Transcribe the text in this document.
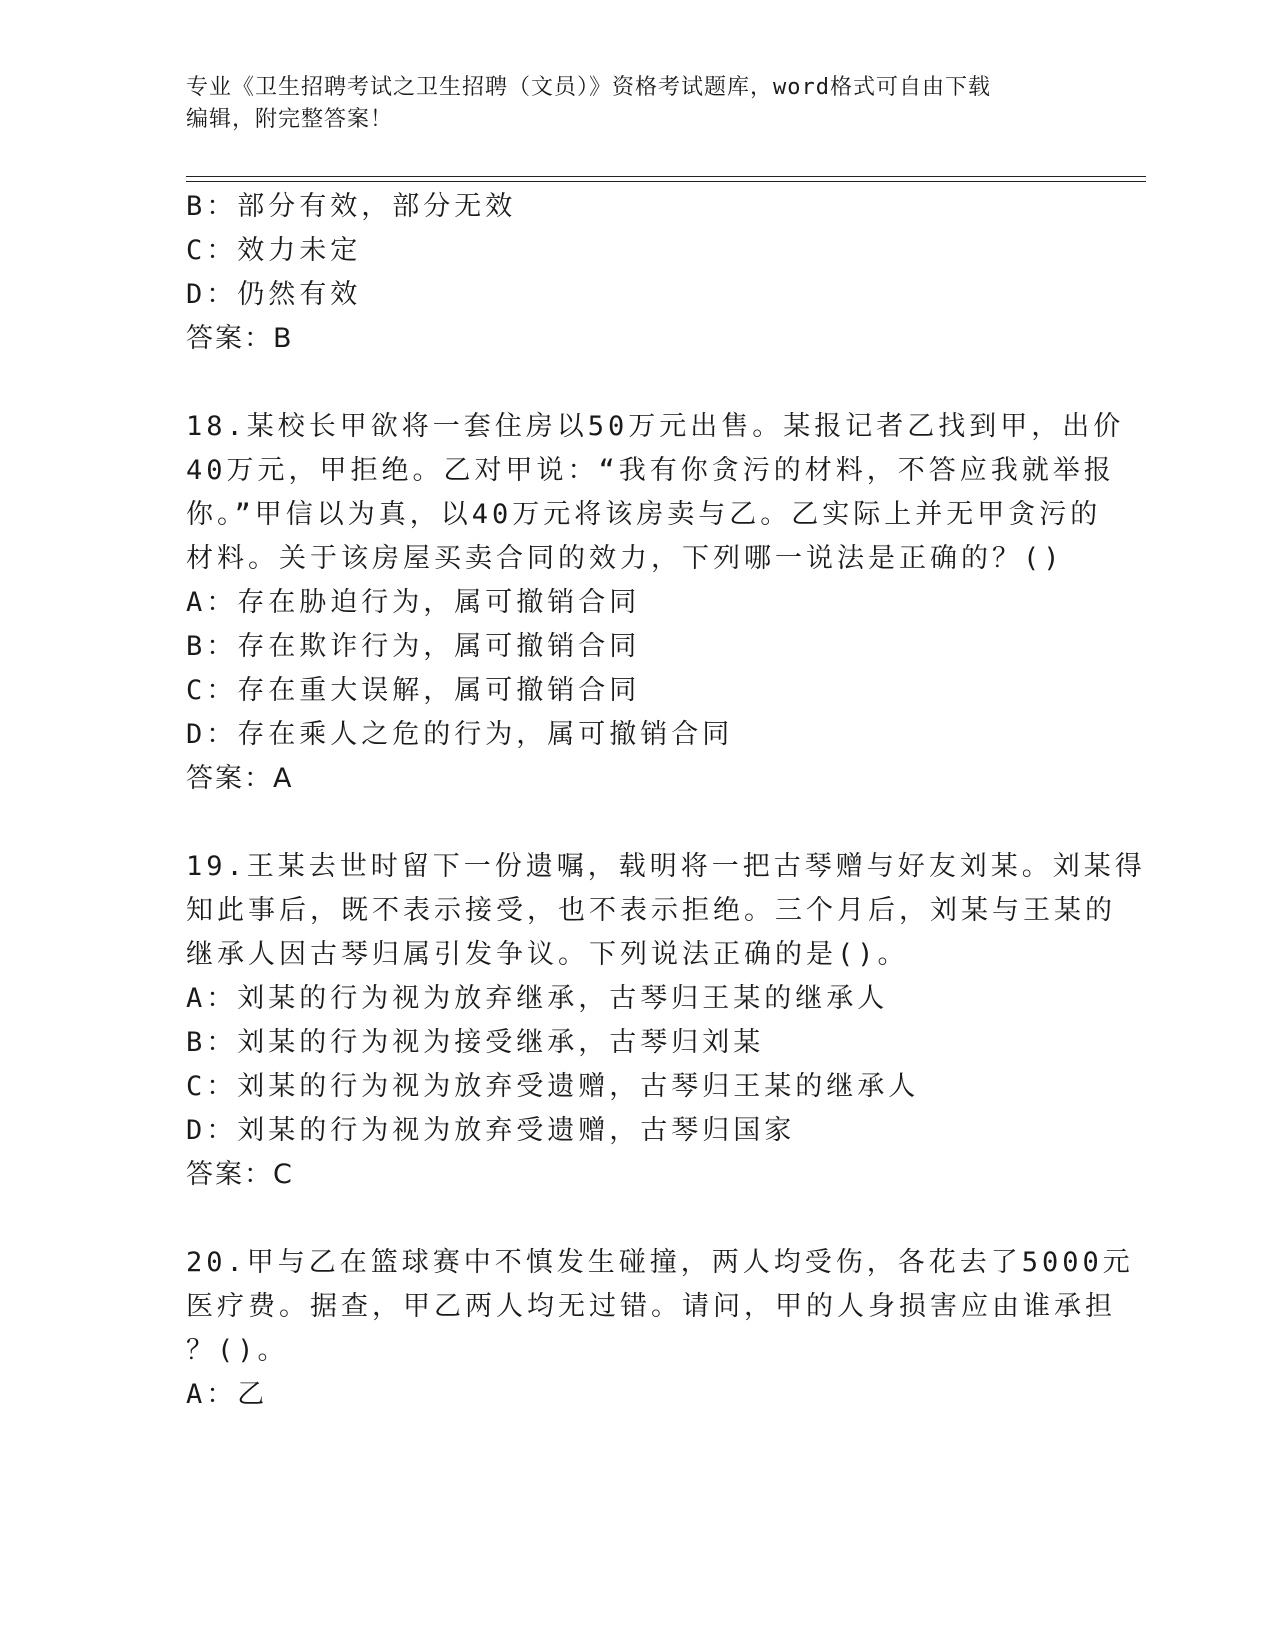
专业《卫生招聘考试之卫生招聘（文员）》资格考试题库，word格式可自由下载
编辑，附完整答案！
B：部分有效，部分无效
C：效力未定
D：仍然有效
答案：B
18.某校长甲欲将一套住房以50万元出售。某报记者乙找到甲，出价
40万元，甲拒绝。乙对甲说：“我有你贪污的材料，不答应我就举报
你。”甲信以为真，以40万元将该房卖与乙。乙实际上并无甲贪污的
材料。关于该房屋买卖合同的效力，下列哪一说法是正确的？()
A：存在胁迫行为，属可撤销合同
B：存在欺诈行为，属可撤销合同
C：存在重大误解，属可撤销合同
D：存在乘人之危的行为，属可撤销合同
答案：A
19.王某去世时留下一份遗嘱，载明将一把古琴赠与好友刘某。刘某得
知此事后，既不表示接受，也不表示拒绝。三个月后，刘某与王某的
继承人因古琴归属引发争议。下列说法正确的是()。
A：刘某的行为视为放弃继承，古琴归王某的继承人
B：刘某的行为视为接受继承，古琴归刘某
C：刘某的行为视为放弃受遗赠，古琴归王某的继承人
D：刘某的行为视为放弃受遗赠，古琴归国家
答案：C
20.甲与乙在篮球赛中不慎发生碰撞，两人均受伤，各花去了5000元
医疗费。据查，甲乙两人均无过错。请问，甲的人身损害应由谁承担
？()。
A：乙
